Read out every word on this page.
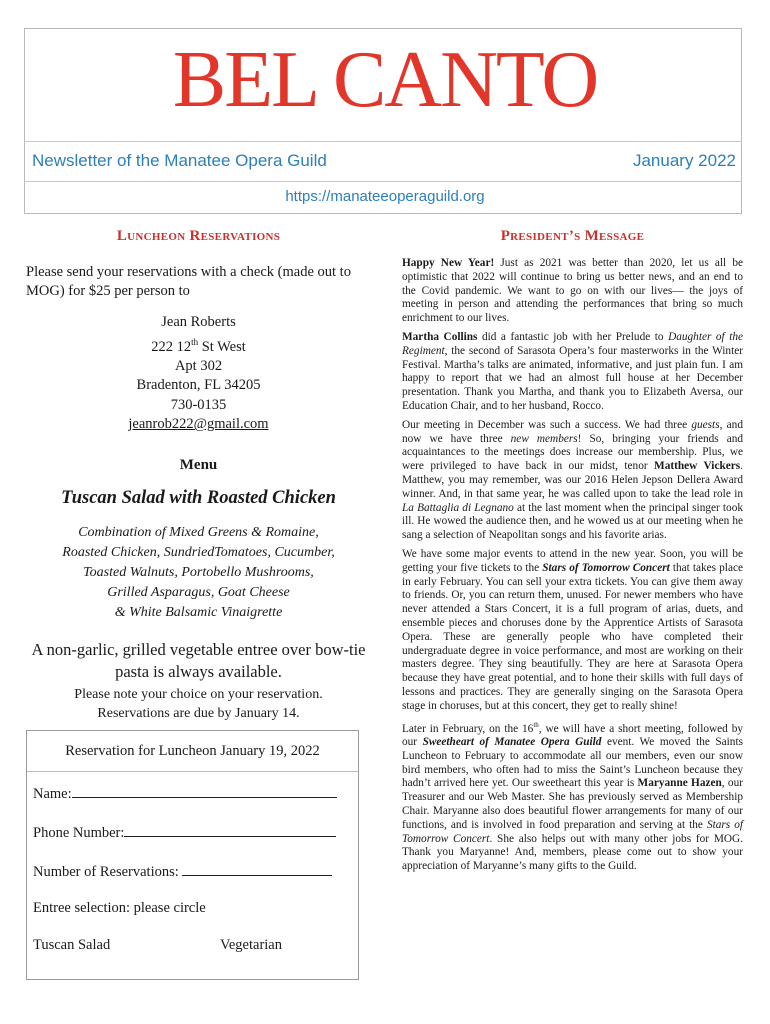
BEL CANTO
Newsletter of the Manatee Opera Guild	January 2022
https://manateeoperaguild.org
Luncheon Reservations
Please send your reservations with a check (made out to MOG) for $25 per person to
Jean Roberts
222 12th St West
Apt 302
Bradenton, FL 34205
730-0135
jeanrob222@gmail.com
Menu
Tuscan Salad with Roasted Chicken
Combination of Mixed Greens & Romaine,
Roasted Chicken, SundriedTomatoes, Cucumber,
Toasted Walnuts, Portobello Mushrooms,
Grilled Asparagus, Goat Cheese
& White Balsamic Vinaigrette
A non-garlic, grilled vegetable entree over bow-tie
pasta is always available.
Please note your choice on your reservation.
Reservations are due by January 14.
Reservation for Luncheon January 19, 2022
Name:
Phone Number:
Number of Reservations:
Entree selection: please circle
Tuscan Salad	Vegetarian
President’s Message

Happy New Year! Just as 2021 was better than 2020, let us all be optimistic that 2022 will continue to bring us better news, and an end to the Covid pandemic. We want to go on with our lives— the joys of meeting in person and attending the performances that bring so much enrichment to our lives.

Martha Collins did a fantastic job with her Prelude to Daughter of the Regiment, the second of Sarasota Opera’s four masterworks in the Winter Festival. Martha’s talks are animated, informative, and just plain fun. I am happy to report that we had an almost full house at her December presentation. Thank you Martha, and thank you to Elizabeth Aversa, our Education Chair, and to her husband, Rocco.

Our meeting in December was such a success. We had three guests, and now we have three new members! So, bringing your friends and acquaintances to the meetings does increase our membership. Plus, we were privileged to have back in our midst, tenor Matthew Vickers. Matthew, you may remember, was our 2016 Helen Jepson Dellera Award winner. And, in that same year, he was called upon to take the lead role in La Battaglia di Legnano at the last moment when the principal singer took ill. He wowed the audience then, and he wowed us at our meeting when he sang a selection of Neapolitan songs and his favorite arias.

We have some major events to attend in the new year. Soon, you will be getting your five tickets to the Stars of Tomorrow Concert that takes place in early February. You can sell your extra tickets. You can give them away to friends. Or, you can return them, unused. For newer members who have never attended a Stars Concert, it is a full program of arias, duets, and ensemble pieces and choruses done by the Apprentice Artists of Sarasota Opera. These are generally people who have completed their undergraduate degree in voice performance, and most are working on their masters degree. They sing beautifully. They are here at Sarasota Opera because they have great potential, and to hone their skills with full days of lessons and practices. They are generally singing on the Sarasota Opera stage in choruses, but at this concert, they get to really shine!

Later in February, on the 16th, we will have a short meeting, followed by our Sweetheart of Manatee Opera Guild event. We moved the Saints Luncheon to February to accommodate all our members, even our snow bird members, who often had to miss the Saint’s Luncheon because they hadn’t arrived here yet. Our sweetheart this year is Maryanne Hazen, our Treasurer and our Web Master. She has previously served as Membership Chair. Maryanne also does beautiful flower arrangements for many of our functions, and is involved in food preparation and serving at the Stars of Tomorrow Concert. She also helps out with many other jobs for MOG. Thank you Maryanne! And, members, please come out to show your appreciation of Maryanne’s many gifts to the Guild.
